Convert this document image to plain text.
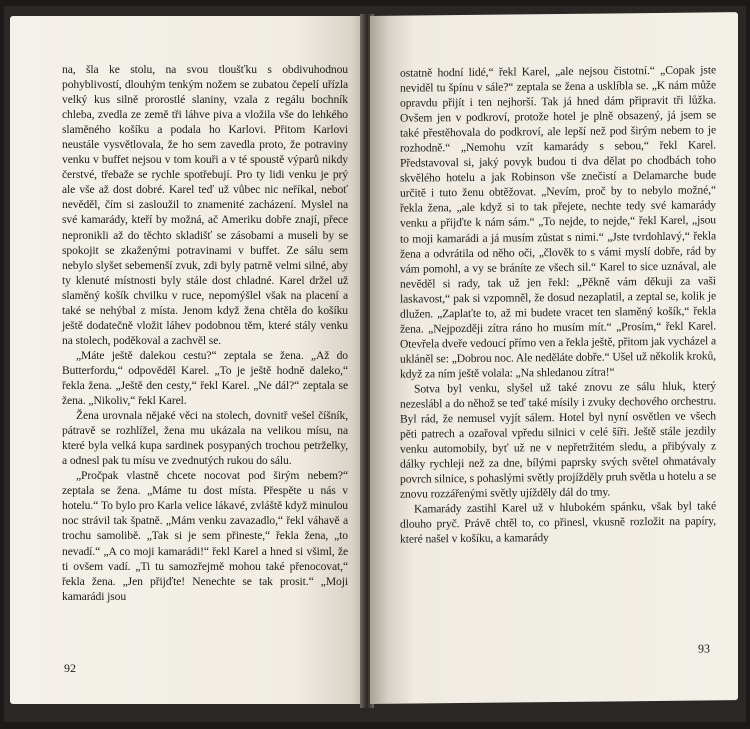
na, šla ke stolu, na svou tloušťku s obdivuhodnou pohyblivostí, dlouhým tenkým nožem se zubatou čepelí uřízla velký kus silně prorostlé slaniny, vzala z regálu bochník chleba, zvedla ze země tři láhve piva a vložila vše do lehkého slaměného košíku a podala ho Karlovi. Přitom Karlovi neustále vysvětlovala, že ho sem zavedla proto, že potraviny venku v buffet nejsou v tom kouři a v té spoustě výparů nikdy čerstvé, třebaže se rychle spotřebují. Pro ty lidi venku je prý ale vše až dost dobré. Karel teď už vůbec nic neříkal, neboť nevěděl, čím si zasloužil to znamenité zacházení. Myslel na své kamarády, kteří by možná, ač Ameriku dobře znají, přece nepronikli až do těchto skladišť se zásobami a museli by se spokojit se zkaženými potravinami v buffet. Ze sálu sem nebylo slyšet sebemenší zvuk, zdi byly patrně velmi silné, aby ty klenuté místnosti byly stále dost chladné. Karel držel už slaměný košík chvilku v ruce, nepomýšlel však na placení a také se nehýbal z místa. Jenom když žena chtěla do košíku ještě dodatečně vložit láhev podobnou těm, které stály venku na stolech, poděkoval a zachvěl se.

„Máte ještě dalekou cestu?“ zeptala se žena. „Až do Butterfordu,“ odpověděl Karel. „To je ještě hodně daleko,“ řekla žena. „Ještě den cesty,“ řekl Karel. „Ne dál?“ zeptala se žena. „Nikoliv,“ řekl Karel.

Žena urovnala nějaké věci na stolech, dovnitř vešel číšník, pátravě se rozhlížel, žena mu ukázala na velikou mísu, na které byla velká kupa sardinek posypaných trochou petrželky, a odnesl pak tu mísu ve zvednutých rukou do sálu.

„Pročpak vlastně chcete nocovat pod širým nebem?“ zeptala se žena. „Máme tu dost místa. Přespěte u nás v hotelu.“ To bylo pro Karla velice lákavé, zvláště když minulou noc strávil tak špatně. „Mám venku zavazadlo,“ řekl váhavě a trochu samolibě. „Tak si je sem přineste,“ řekla žena, „to nevadí.“ „A co moji kamarádi!“ řekl Karel a hned si všiml, že ti ovšem vadí. „Ti tu samozřejmě mohou také přenocovat,“ řekla žena. „Jen přijďte! Nenechte se tak prosit.“ „Moji kamarádi jsou

92

ostatně hodní lidé,“ řekl Karel, „ale nejsou čistotní.“ „Copak jste neviděl tu špínu v sále?“ zeptala se žena a usklíbla se. „K nám může opravdu přijít i ten nejhorší. Tak já hned dám připravit tři lůžka. Ovšem jen v podkroví, protože hotel je plně obsazený, já jsem se také přestěhovala do podkroví, ale lepší než pod širým nebem to je rozhodně.“ „Nemohu vzít kamarády s sebou,“ řekl Karel. Představoval si, jaký povyk budou ti dva dělat po chodbách toho skvělého hotelu a jak Robinson vše znečistí a Delamarche bude určitě i tuto ženu obtěžovat. „Nevím, proč by to nebylo možné,“ řekla žena, „ale když si to tak přejete, nechte tedy své kamarády venku a přijďte k nám sám.“ „To nejde, to nejde,“ řekl Karel, „jsou to moji kamarádi a já musím zůstat s nimi.“ „Jste tvrdohlavý,“ řekla žena a odvrátila od něho oči, „člověk to s vámi myslí dobře, rád by vám pomohl, a vy se bráníte ze všech sil.“ Karel to sice uznával, ale nevěděl si rady, tak už jen řekl: „Pěkně vám děkuji za vaši laskavost,“ pak si vzpomněl, že dosud nezaplatil, a zeptal se, kolik je dlužen. „Zaplaťte to, až mi budete vracet ten slaměný košík,“ řekla žena. „Nejpozději zítra ráno ho musím mít.“ „Prosím,“ řekl Karel. Otevřela dveře vedoucí přímo ven a řekla ještě, přitom jak vycházel a ukláněl se: „Dobrou noc. Ale neděláte dobře.“ Ušel už několik kroků, když za ním ještě volala: „Na shledanou zítra!“

Sotva byl venku, slyšel už také znovu ze sálu hluk, který nezeslábl a do něhož se teď také mísily i zvuky dechového orchestru. Byl rád, že nemusel vyjít sálem. Hotel byl nyní osvětlen ve všech pěti patrech a ozařoval vpředu silnici v celé šíři. Ještě stále jezdily venku automobily, byť už ne v nepřetržitém sledu, a přibývaly z dálky rychleji než za dne, bílými paprsky svých světel ohmatávaly povrch silnice, s pohaslými světly projížděly pruh světla u hotelu a se znovu rozzářenými světly ujížděly dál do tmy.

Kamarády zastihl Karel už v hlubokém spánku, však byl také dlouho pryč. Právě chtěl to, co přinesl, vkusně rozložit na papíry, které našel v košíku, a kamarády

93
